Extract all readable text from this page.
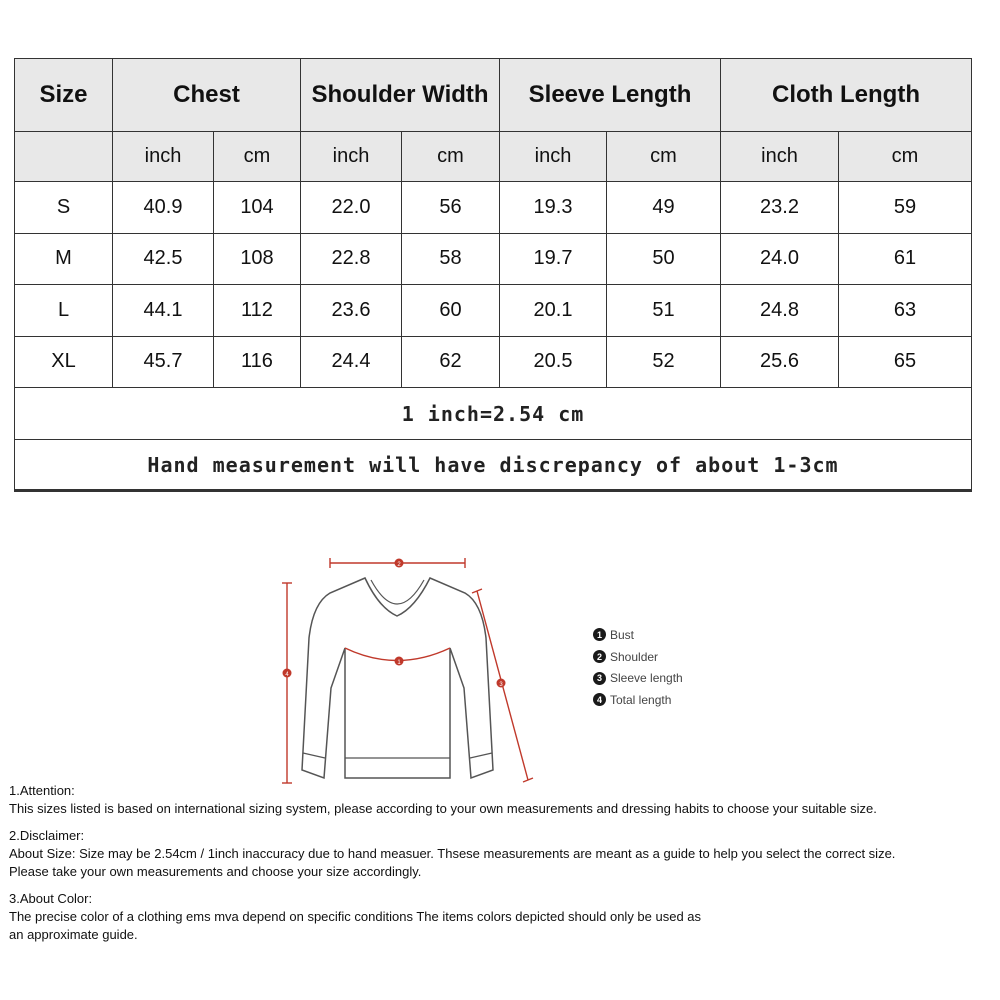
Size	Chest		Shoulder Width		Sleeve Length		Cloth Length	
	inch	cm	inch	cm	inch	cm	inch	cm
S	40.9	104	22.0	56	19.3	49	23.2	59
M	42.5	108	22.8	58	19.7	50	24.0	61
L	44.1	112	23.6	60	20.1	51	24.8	63
XL	45.7	116	24.4	62	20.5	52	25.6	65
1 inch=2.54 cm								

Hand measurement will have discrepancy of about 1-3cm								
1
2
3
4
1 Bust
2 Shoulder
3 Sleeve length
4 Total length
1.Attention:
This sizes listed is based on international sizing system, please according to your own measurements and dressing habits to choose your suitable size.
2.Disclaimer:
About Size: Size may be 2.54cm / 1inch inaccuracy due to hand measuer. Thsese measurements are meant as a guide to help you select the correct size.
Please take your own measurements and choose your size accordingly.
3.About Color:
The precise color of a clothing ems mva depend on specific conditions The items colors depicted should only be used as
an approximate guide.
